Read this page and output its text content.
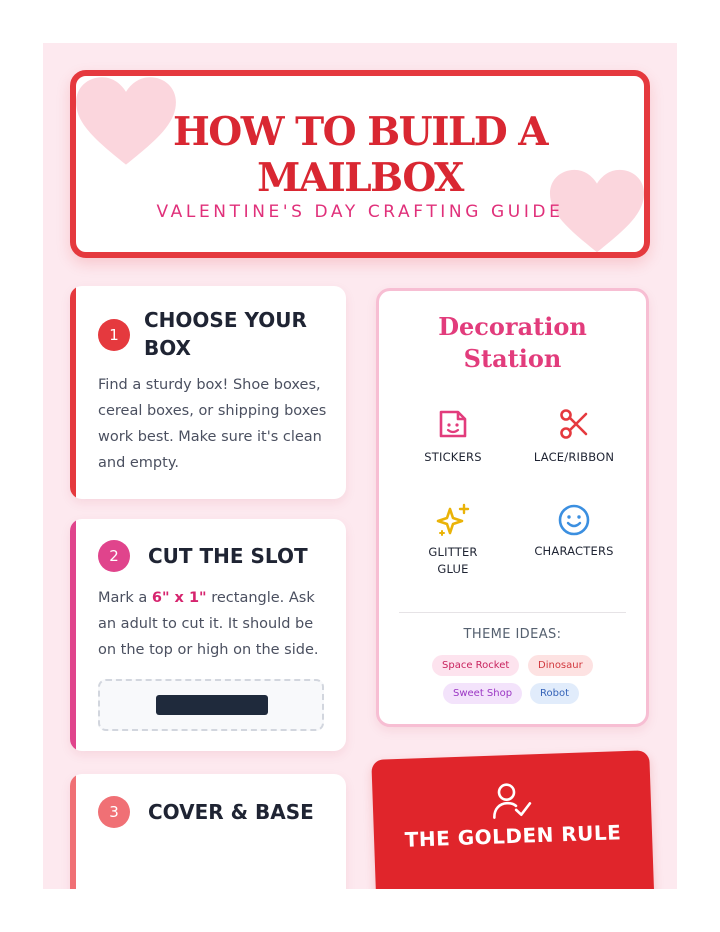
HOW TO BUILD A
MAILBOX
VALENTINE'S DAY CRAFTING GUIDE
1
CHOOSE YOUR
BOX
Find a sturdy box! Shoe boxes, cereal boxes, or shipping boxes work best. Make sure it's clean and empty.
2	CUT THE SLOT
Mark a 6" x 1" rectangle. Ask an adult to cut it. It should be on the top or high on the side.
3	COVER & BASE
Decoration
Station
STICKERS	LACE/RIBBON
GLITTER GLUE
CHARACTERS
THEME IDEAS:
Space Rocket	Dinosaur
Sweet Shop	Robot
THE GOLDEN RULE
